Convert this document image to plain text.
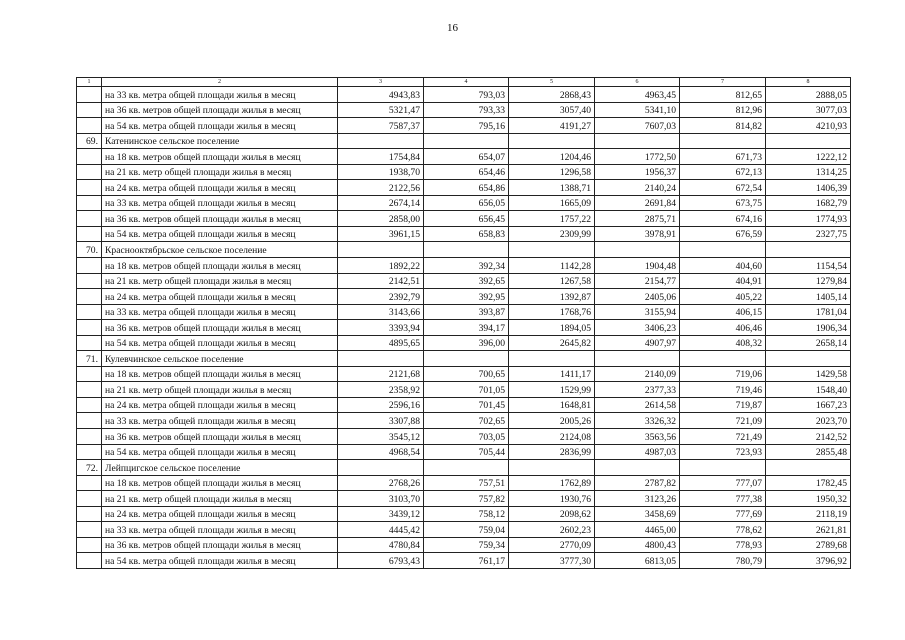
16
1	2	3	4	5	6	7	8
	на 33 кв. метра общей площади жилья в месяц	4943,83	793,03	2868,43	4963,45	812,65	2888,05
	на 36 кв. метров общей площади жилья в месяц	5321,47	793,33	3057,40	5341,10	812,96	3077,03
	на 54 кв. метра общей площади жилья в месяц	7587,37	795,16	4191,27	7607,03	814,82	4210,93
69.	Катенинское сельское поселение						
	на 18 кв. метров общей площади жилья в месяц	1754,84	654,07	1204,46	1772,50	671,73	1222,12
	на 21 кв. метр общей площади жилья в месяц	1938,70	654,46	1296,58	1956,37	672,13	1314,25
	на 24 кв. метра общей площади жилья в месяц	2122,56	654,86	1388,71	2140,24	672,54	1406,39
	на 33 кв. метра общей площади жилья в месяц	2674,14	656,05	1665,09	2691,84	673,75	1682,79
	на 36 кв. метров общей площади жилья в месяц	2858,00	656,45	1757,22	2875,71	674,16	1774,93
	на 54 кв. метра общей площади жилья в месяц	3961,15	658,83	2309,99	3978,91	676,59	2327,75
70.	Краснооктябрьское сельское поселение						
	на 18 кв. метров общей площади жилья в месяц	1892,22	392,34	1142,28	1904,48	404,60	1154,54
	на 21 кв. метр общей площади жилья в месяц	2142,51	392,65	1267,58	2154,77	404,91	1279,84
	на 24 кв. метра общей площади жилья в месяц	2392,79	392,95	1392,87	2405,06	405,22	1405,14
	на 33 кв. метра общей площади жилья в месяц	3143,66	393,87	1768,76	3155,94	406,15	1781,04
	на 36 кв. метров общей площади жилья в месяц	3393,94	394,17	1894,05	3406,23	406,46	1906,34
	на 54 кв. метра общей площади жилья в месяц	4895,65	396,00	2645,82	4907,97	408,32	2658,14
71.	Кулевчинское сельское поселение						
	на 18 кв. метров общей площади жилья в месяц	2121,68	700,65	1411,17	2140,09	719,06	1429,58
	на 21 кв. метр общей площади жилья в месяц	2358,92	701,05	1529,99	2377,33	719,46	1548,40
	на 24 кв. метра общей площади жилья в месяц	2596,16	701,45	1648,81	2614,58	719,87	1667,23
	на 33 кв. метра общей площади жилья в месяц	3307,88	702,65	2005,26	3326,32	721,09	2023,70
	на 36 кв. метров общей площади жилья в месяц	3545,12	703,05	2124,08	3563,56	721,49	2142,52
	на 54 кв. метра общей площади жилья в месяц	4968,54	705,44	2836,99	4987,03	723,93	2855,48
72.	Лейпцигское сельское поселение						
	на 18 кв. метров общей площади жилья в месяц	2768,26	757,51	1762,89	2787,82	777,07	1782,45
	на 21 кв. метр общей площади жилья в месяц	3103,70	757,82	1930,76	3123,26	777,38	1950,32
	на 24 кв. метра общей площади жилья в месяц	3439,12	758,12	2098,62	3458,69	777,69	2118,19
	на 33 кв. метра общей площади жилья в месяц	4445,42	759,04	2602,23	4465,00	778,62	2621,81
	на 36 кв. метров общей площади жилья в месяц	4780,84	759,34	2770,09	4800,43	778,93	2789,68
	на 54 кв. метра общей площади жилья в месяц	6793,43	761,17	3777,30	6813,05	780,79	3796,92
